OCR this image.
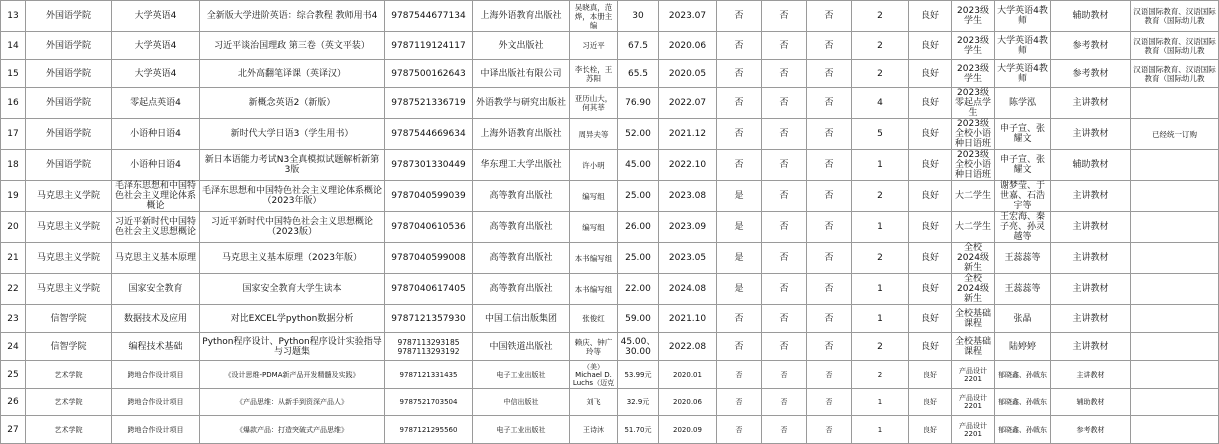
13	外国语学院	大学英语4	全新版大学进阶英语：综合教程 教师用书4	9787544677134	上海外语教育出版社	吴晓真，范烨，本册主编	30	2023.07	否	否	否	2	良好	2023级学生	大学英语4教师	辅助教材	汉语国际教育、汉语国际教育（国际幼儿教
14	外国语学院	大学英语4	习近平谈治国理政 第三卷（英文平装）	9787119124117	外文出版社	习近平	67.5	2020.06	否	否	否	2	良好	2023级学生	大学英语4教师	参考教材	汉语国际教育、汉语国际教育（国际幼儿教
15	外国语学院	大学英语4	北外高翻笔译课（英译汉）	9787500162643	中译出版社有限公司	李长栓，王苏阳	65.5	2020.05	否	否	否	2	良好	2023级学生	大学英语4教师	参考教材	汉语国际教育、汉语国际教育（国际幼儿教
16	外国语学院	零起点英语4	新概念英语2（新版）	9787521336719	外语教学与研究出版社	亚历山大，何其莘	76.90	2022.07	否	否	否	4	良好	2023级零起点学生	陈学泓	主讲教材	
17	外国语学院	小语种日语4	新时代大学日语3（学生用书）	9787544669634	上海外语教育出版社	周异夫等	52.00	2021.12	否	否	否	5	良好	2023级全校小语种日语班	申子宣、张耀文	主讲教材	已经统一订购
18	外国语学院	小语种日语4	新日本语能力考试N3全真模拟试题解析新第3版	9787301330449	华东理工大学出版社	许小明	45.00	2022.10	否	否	否	1	良好	2023级全校小语种日语班	申子宣、张耀文	辅助教材	
19	马克思主义学院	毛泽东思想和中国特色社会主义理论体系概论	毛泽东思想和中国特色社会主义理论体系概论（2023年版）	9787040599039	高等教育出版社	编写组	25.00	2023.08	是	否	否	2	良好	大二学生	谢梦莹、于世嘉、石浩宇等	主讲教材	
20	马克思主义学院	习近平新时代中国特色社会主义思想概论	习近平新时代中国特色社会主义思想概论（2023版）	9787040610536	高等教育出版社	编写组	26.00	2023.09	是	否	否	1	良好	大二学生	王宏海、秦子亮、孙灵越等	主讲教材	
21	马克思主义学院	马克思主义基本原理	马克思主义基本原理（2023年版）	9787040599008	高等教育出版社	本书编写组	25.00	2023.05	是	否	否	2	良好	全校2024级新生	王蕊蕊等	主讲教材	
22	马克思主义学院	国家安全教育	国家安全教育大学生读本	9787040617405	高等教育出版社	本书编写组	22.00	2024.08	是	否	否	1	良好	全校2024级新生	王蕊蕊等	主讲教材	
23	信智学院	数据技术及应用	对比EXCEL学python数据分析	9787121357930	中国工信出版集团	张俊红	59.00	2021.10	否	否	否	1	良好	全校基础课程	张晶	主讲教材	
24	信智学院	编程技术基础	Python程序设计、Python程序设计实验指导与习题集	9787113293185
9787113293192	中国铁道出版社	赖庆、钟广玲等	45.00、30.00	2022.08	否	否	否	2	良好	全校基础课程	陆婷婷	主讲教材	
25	艺术学院	跨地合作设计项目	《设计思维-PDMA新产品开发精髓及实践》	9787121331435	电子工业出版社	（美）Michael D. Luchs（迈克	53.99元	2020.01	否	否	否	2	良好	产品设计2201	郁晓鑫、孙戟东	主讲教材	
26	艺术学院	跨地合作设计项目	《产品思维：从新手到资深产品人》	9787521703504	中信出版社	刘飞	32.9元	2020.06	否	否	否	1	良好	产品设计2201	郁晓鑫、孙戟东	辅助教材	
27	艺术学院	跨地合作设计项目	《爆款产品：打造突破式产品思维》	9787121295560	电子工业出版社	王诗沐	51.70元	2020.09	否	否	否	1	良好	产品设计2201	郁晓鑫、孙戟东	参考教材	
